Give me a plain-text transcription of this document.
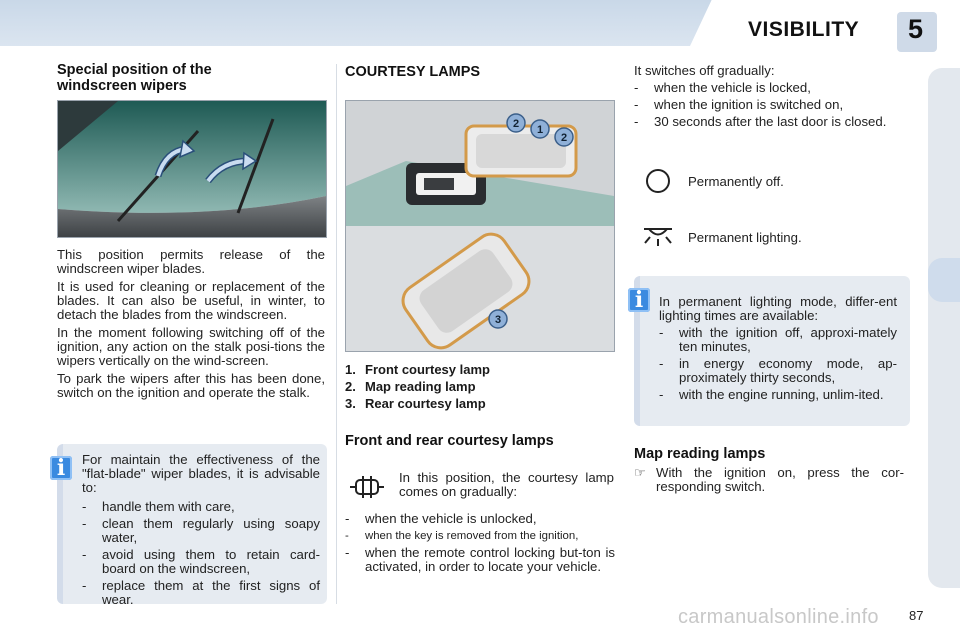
VISIBILITY 5
Special position of the windscreen wipers

This position permits release of the windscreen wiper blades.

It is used for cleaning or replacement of the blades. It can also be useful, in winter, to detach the blades from the windscreen.

In the moment following switching off of the ignition, any action on the stalk posi-tions the wipers vertically on the wind-screen.

To park the wipers after this has been done, switch on the ignition and operate the stalk.

i	For maintain the effectiveness of the "flat-blade" wiper blades, it is advisable to:

-	handle them with care,
-	clean them regularly using soapy water,
-	avoid using them to retain card-board on the windscreen,
-	replace them at the first signs of wear.
COURTESY LAMPS
2 1
2
3
1. Front courtesy lamp
2. Map reading lamp
3. Rear courtesy lamp
Front and rear courtesy lamps

In this position, the courtesy lamp comes on gradually:

-	when the vehicle is unlocked,
-	when the key is removed from the ignition,
-	when the remote control locking but-ton is activated, in order to locate your vehicle.

It switches off gradually:

-	when the vehicle is locked,
-	when the ignition is switched on,
-	30 seconds after the last door is closed.
Permanently off.
Permanent lighting.
i	In permanent lighting mode, differ-ent lighting times are available:

-	with the ignition off, approxi-mately ten minutes,
-	in energy economy mode, ap-proximately thirty seconds,
-	with the engine running, unlim-ited.
Map reading lamps
☞ With the ignition on, press the cor-responding switch.
carmanualsonline.info 87
